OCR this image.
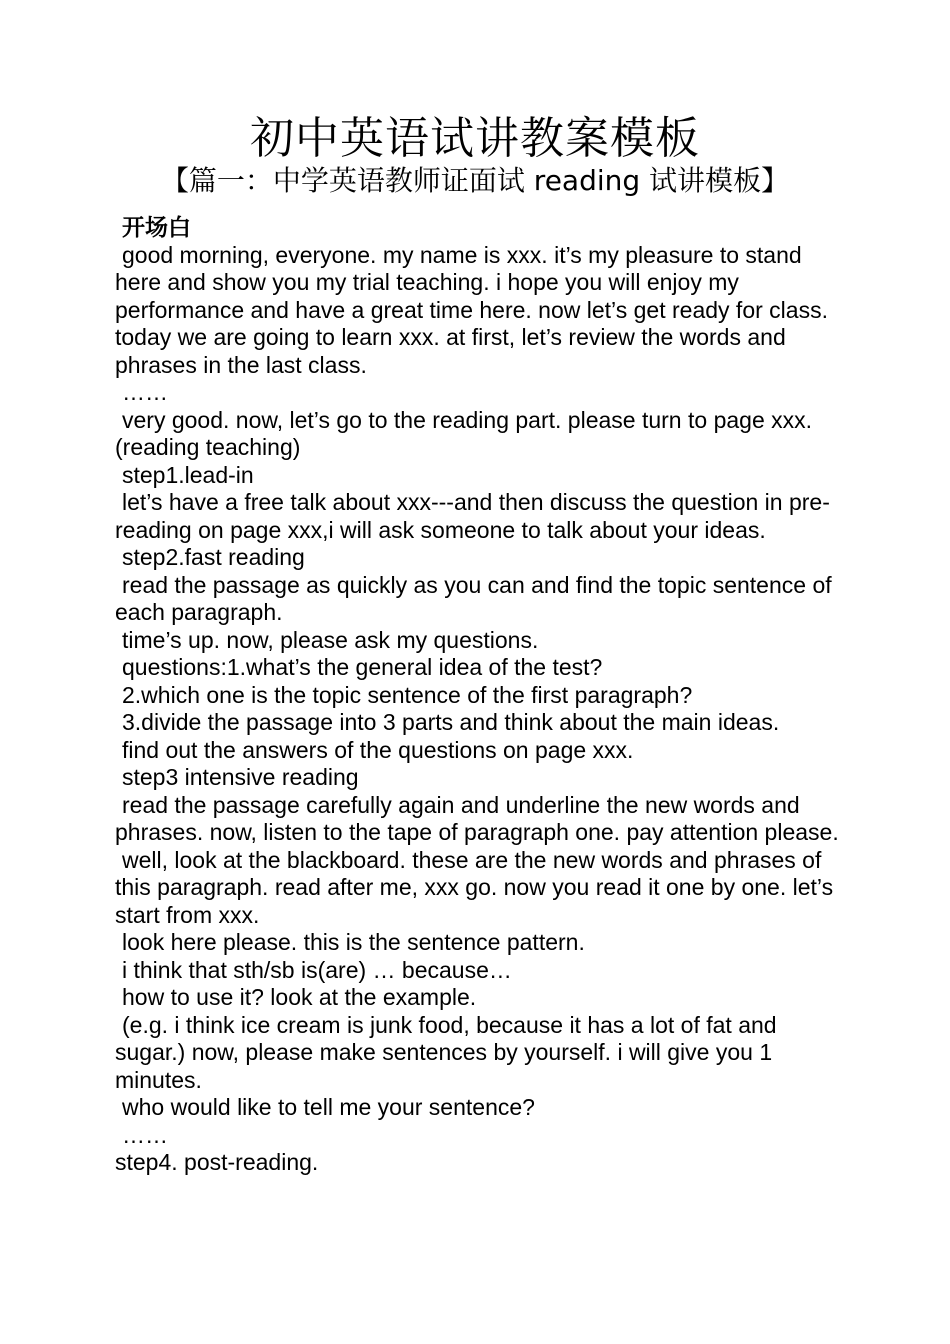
初中英语试讲教案模板
【篇一：中学英语教师证面试 reading 试讲模板】
开场白

good morning, everyone. my name is xxx. it’s my pleasure to stand here and show you my trial teaching. i hope you will enjoy my performance and have a great time here. now let’s get ready for class. today we are going to learn xxx. at first, let’s review the words and phrases in the last class.

……

very good. now, let’s go to the reading part. please turn to page xxx. (reading teaching)

step1.lead-in

let’s have a free talk about xxx---and then discuss the question in pre-reading on page xxx,i will ask someone to talk about your ideas.

step2.fast reading

read the passage as quickly as you can and find the topic sentence of each paragraph.

time’s up. now, please ask my questions.

questions:1.what’s the general idea of the test?

2.which one is the topic sentence of the first paragraph?

3.divide the passage into 3 parts and think about the main ideas.

find out the answers of the questions on page xxx.

step3 intensive reading

read the passage carefully again and underline the new words and phrases. now, listen to the tape of paragraph one. pay attention please.

well, look at the blackboard. these are the new words and phrases of this paragraph. read after me, xxx go. now you read it one by one. let’s start from xxx.

look here please. this is the sentence pattern.

i think that sth/sb is(are) … because…

how to use it? look at the example.

(e.g. i think ice cream is junk food, because it has a lot of fat and sugar.) now, please make sentences by yourself. i will give you 1 minutes.

who would like to tell me your sentence?

……

step4. post-reading.
